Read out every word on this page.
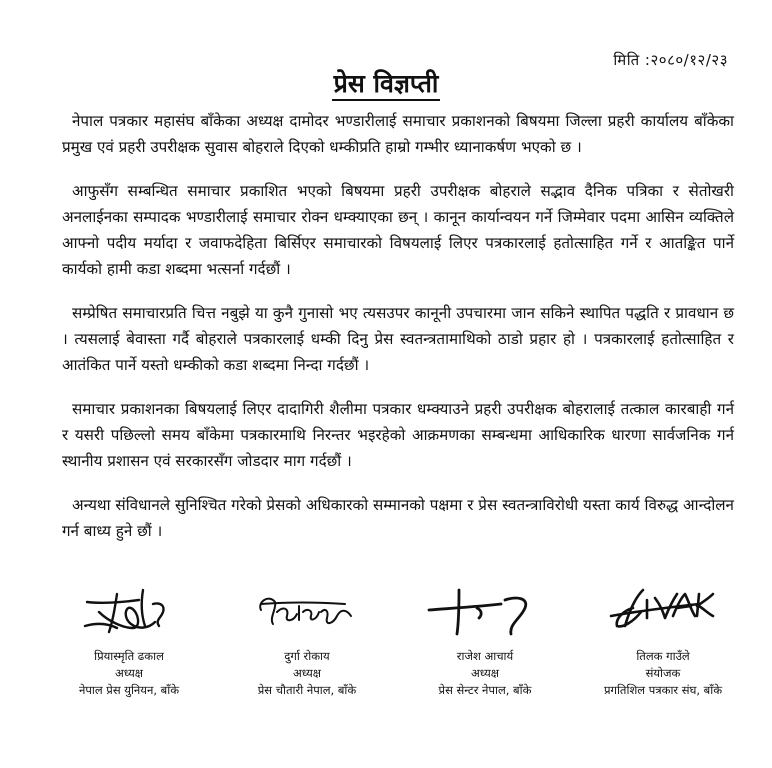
मिति :२०८०/१२/२३
प्रेस विज्ञप्ती

नेपाल पत्रकार महासंघ बाँकेका अध्यक्ष दामोदर भण्डारीलाई समाचार प्रकाशनको बिषयमा जिल्ला प्रहरी कार्यालय बाँकेका प्रमुख एवं प्रहरी उपरीक्षक सुवास बोहराले दिएको धम्कीप्रति हाम्रो गम्भीर ध्यानाकर्षण भएको छ ।

आफुसँग सम्बन्धित समाचार प्रकाशित भएको बिषयमा प्रहरी उपरीक्षक बोहराले सद्भाव दैनिक पत्रिका र सेतोखरी अनलाईनका सम्पादक भण्डारीलाई समाचार रोक्न धम्क्याएका छन् । कानून कार्यान्वयन गर्ने जिम्मेवार पदमा आसिन व्यक्तिले आफ्नो पदीय मर्यादा र जवाफदेहिता बिर्सिएर समाचारको विषयलाई लिएर पत्रकारलाई हतोत्साहित गर्ने र आतङ्कित पार्ने कार्यको हामी कडा शब्दमा भत्सर्ना गर्दछौं ।

सम्प्रेषित समाचारप्रति चित्त नबुझे या कुनै गुनासो भए त्यसउपर कानूनी उपचारमा जान सकिने स्थापित पद्धति र प्रावधान छ । त्यसलाई बेवास्ता गर्दै बोहराले पत्रकारलाई धम्की दिनु प्रेस स्वतन्त्रतामाथिको ठाडो प्रहार हो । पत्रकारलाई हतोत्साहित र आतंकित पार्ने यस्तो धम्कीको कडा शब्दमा निन्दा गर्दछौं ।

समाचार प्रकाशनका बिषयलाई लिएर दादागिरी शैलीमा पत्रकार धम्क्याउने प्रहरी उपरीक्षक बोहरालाई तत्काल कारबाही गर्न र यसरी पछिल्लो समय बाँकेमा पत्रकारमाथि निरन्तर भइरहेको आक्रमणका सम्बन्धमा आधिकारिक धारणा सार्वजनिक गर्न स्थानीय प्रशासन एवं सरकारसँग जोडदार माग गर्दछौं ।

अन्यथा संविधानले सुनिश्चित गरेको प्रेसको अधिकारको सम्मानको पक्षमा र प्रेस स्वतन्त्राविरोधी यस्ता कार्य विरुद्ध आन्दोलन गर्न बाध्य हुने छौं ।

प्रियास्मृति ढकाल
अध्यक्ष
नेपाल प्रेस युनियन, बाँके
दुर्गा रोकाय
अध्यक्ष
प्रेस चौतारी नेपाल, बाँके
राजेश आचार्य
अध्यक्ष
प्रेस सेन्टर नेपाल, बाँके
तिलक गाउँले
संयोजक
प्रगतिशिल पत्रकार संघ, बाँके
